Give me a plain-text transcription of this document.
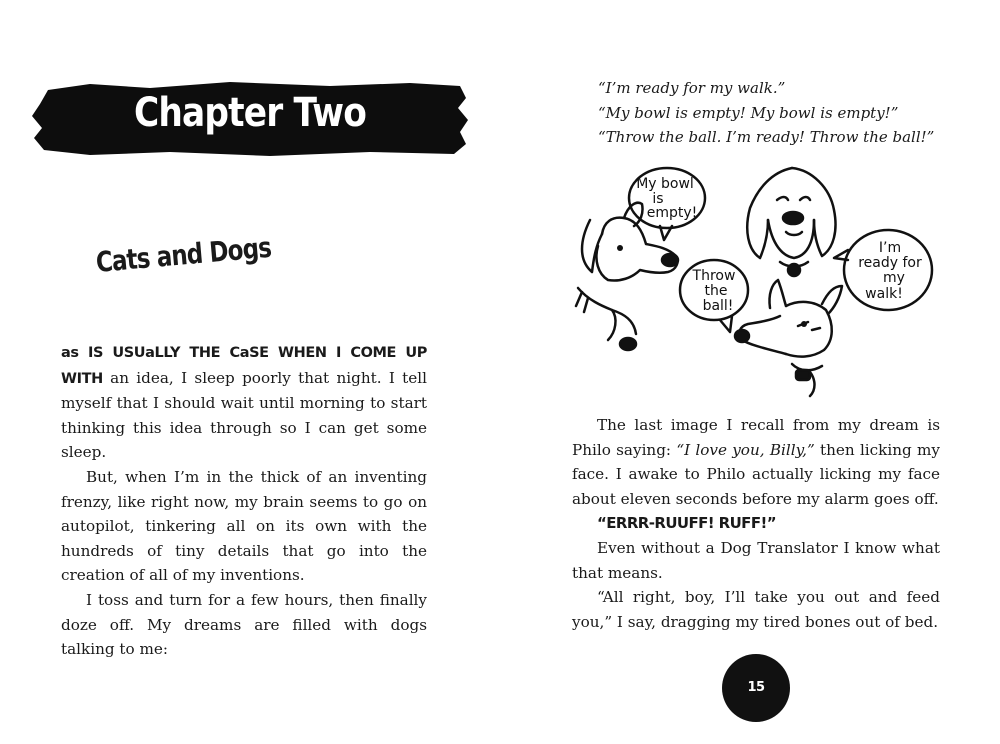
Chapter Two
Cats and Dogs

as IS USUaLLY THE CaSE WHEN I COME UP WITH an idea, I sleep poorly that night. I tell myself that I should wait until morning to start thinking this idea through so I can get some sleep.

But, when I’m in the thick of an inventing frenzy, like right now, my brain seems to go on autopilot, tinkering all on its own with the hundreds of tiny details that go into the creation of all of my inventions.

I toss and turn for a few hours, then finally doze off. My dreams are filled with dogs talking to me:

“I’m ready for my walk.”

“My bowl is empty! My bowl is empty!”

“Throw the ball. I’m ready! Throw the ball!”

My bowl
is
empty!
Throw
the
ball!
I’m
ready for
my
walk!

The last image I recall from my dream is Philo saying: “I love you, Billy,” then licking my face. I awake to Philo actually licking my face about eleven seconds before my alarm goes off.

“ERRR-RUUFF! RUFF!”

Even without a Dog Translator I know what that means.

“All right, boy, I’ll take you out and feed you,” I say, dragging my tired bones out of bed.

15
